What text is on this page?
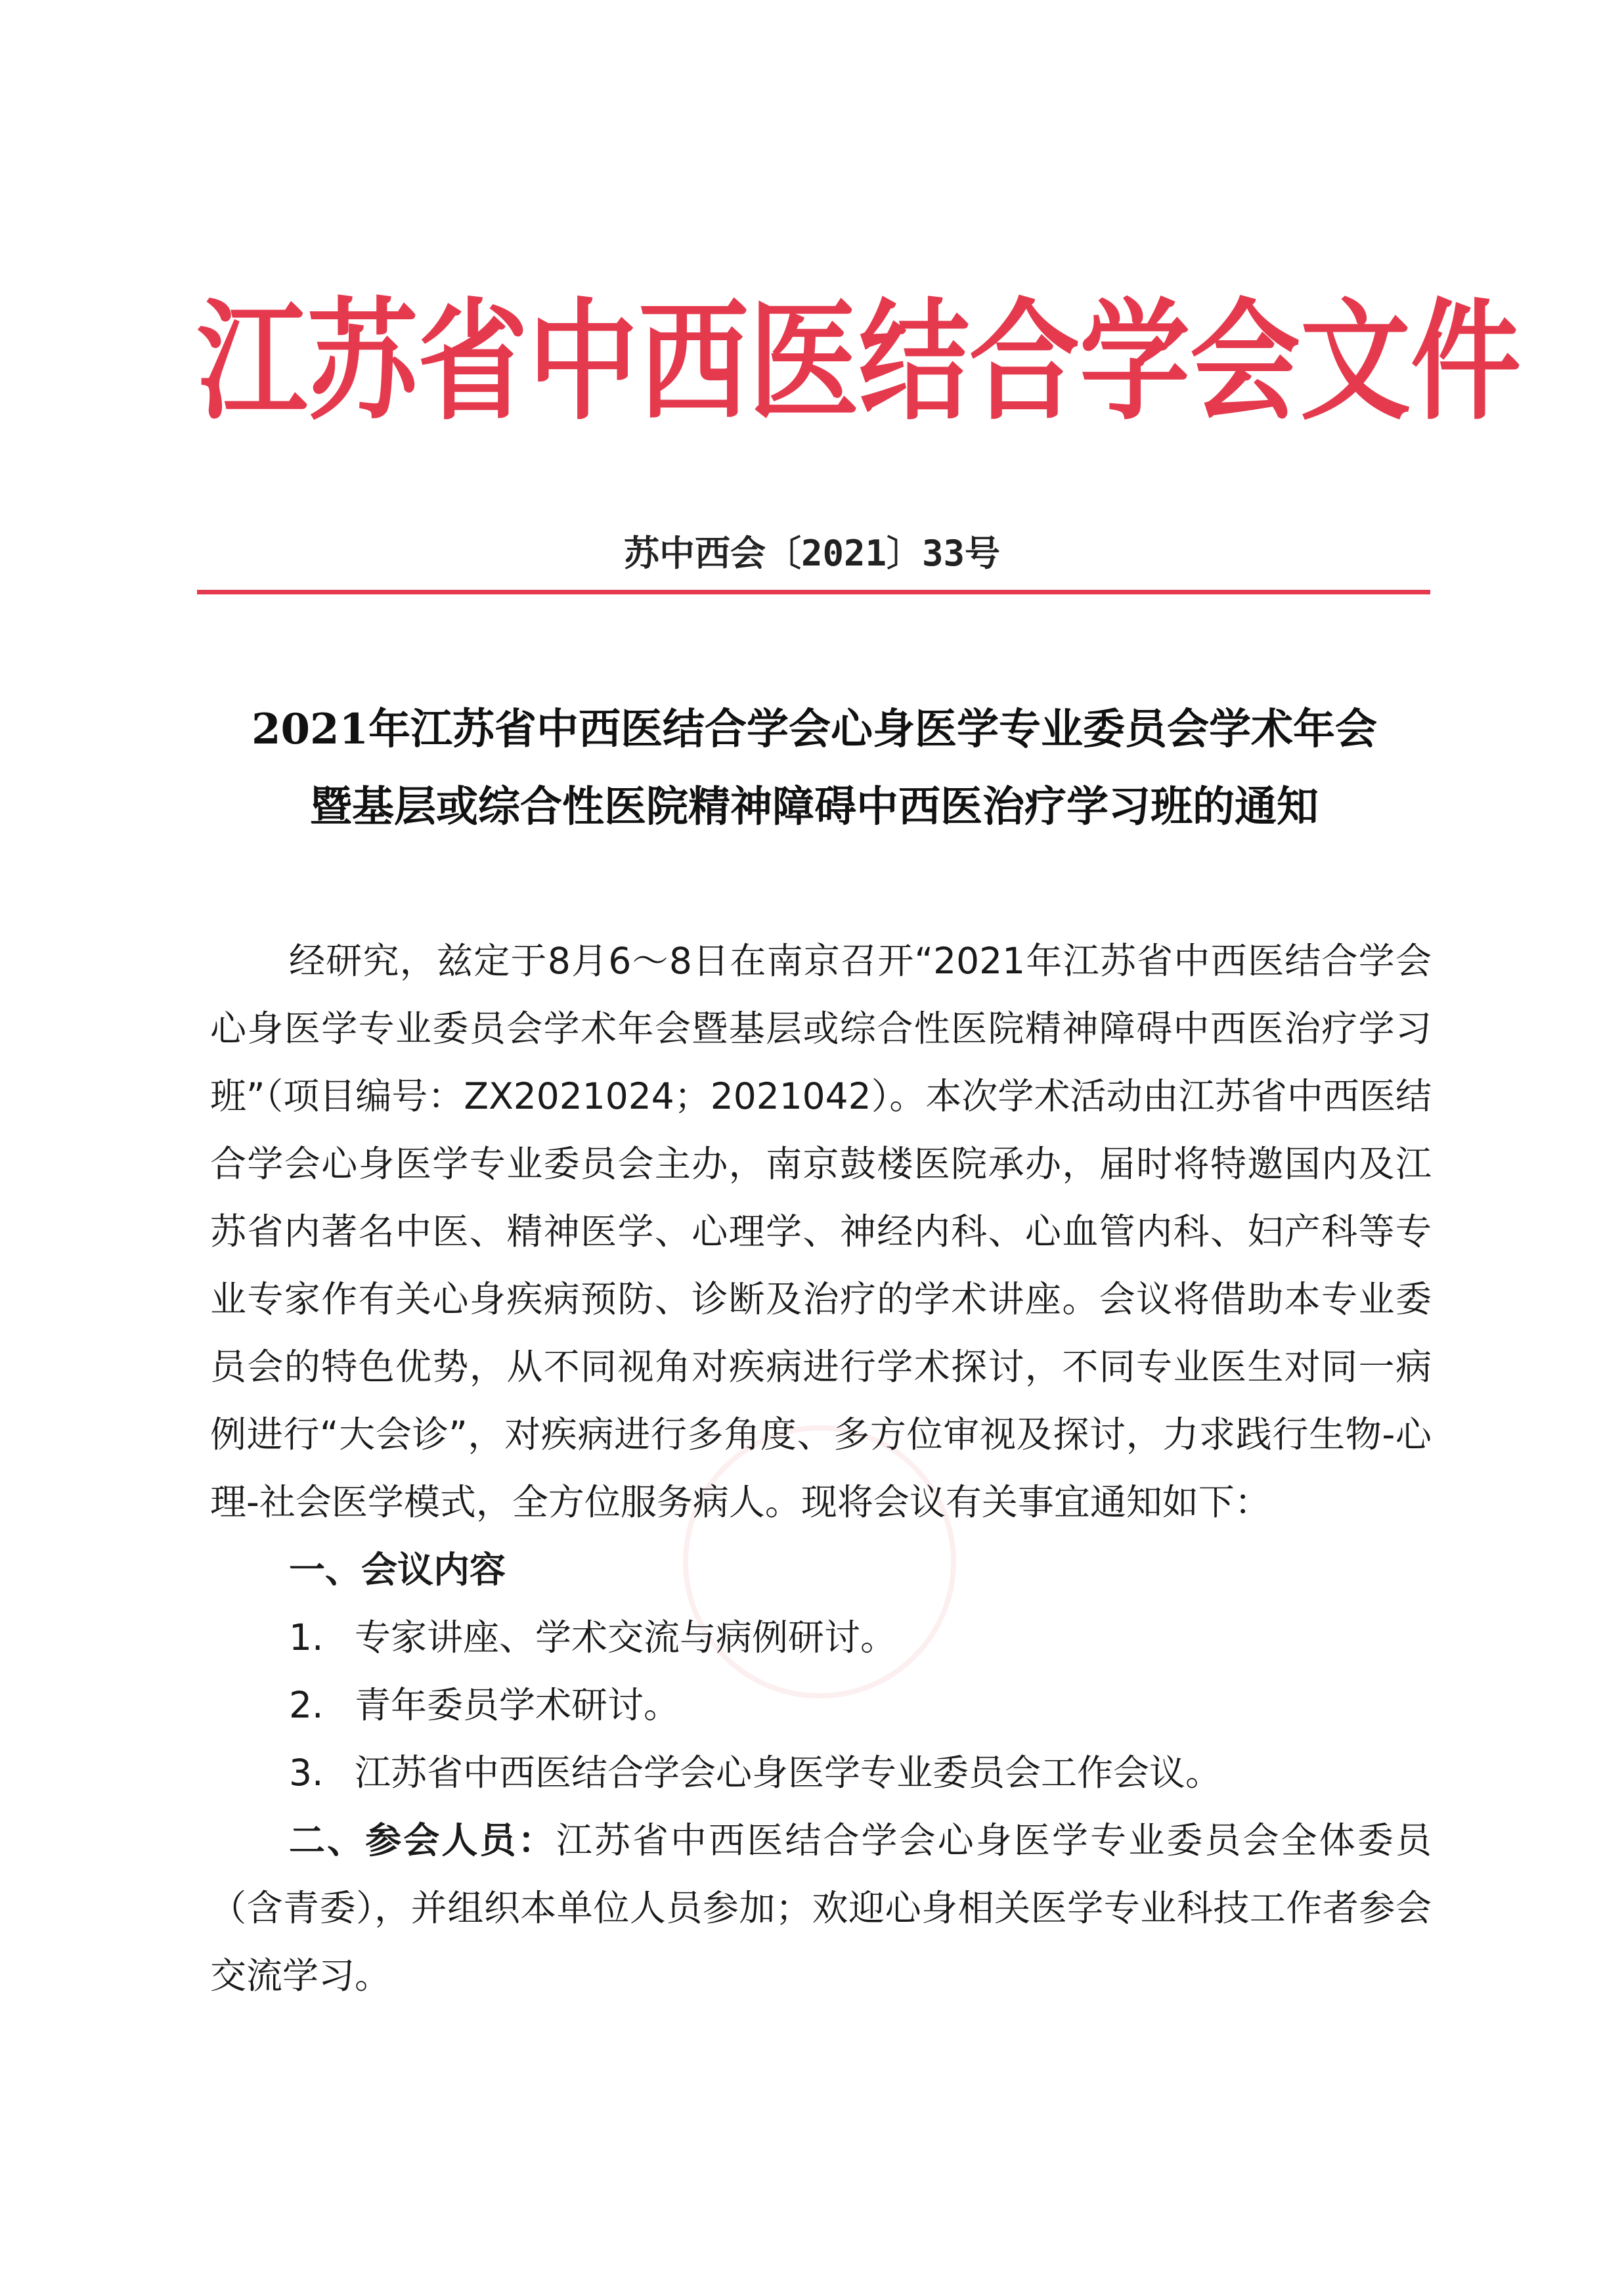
江苏省中西医结合学会文件
苏中西会〔2021〕33号
2021年江苏省中西医结合学会心身医学专业委员会学术年会
暨基层或综合性医院精神障碍中西医治疗学习班的通知

经研究，兹定于8月6～8日在南京召开“2021年江苏省中西医结合学会心身医学专业委员会学术年会暨基层或综合性医院精神障碍中西医治疗学习班”（项目编号：ZX2021024；2021042）。本次学术活动由江苏省中西医结合学会心身医学专业委员会主办，南京鼓楼医院承办，届时将特邀国内及江苏省内著名中医、精神医学、心理学、神经内科、心血管内科、妇产科等专业专家作有关心身疾病预防、诊断及治疗的学术讲座。会议将借助本专业委员会的特色优势，从不同视角对疾病进行学术探讨，不同专业医生对同一病例进行“大会诊”，对疾病进行多角度、多方位审视及探讨，力求践行生物-心理-社会医学模式，全方位服务病人。现将会议有关事宜通知如下：

一、会议内容

1. 专家讲座、学术交流与病例研讨。
2. 青年委员学术研讨。
3. 江苏省中西医结合学会心身医学专业委员会工作会议。

二、参会人员：江苏省中西医结合学会心身医学专业委员会全体委员（含青委），并组织本单位人员参加；欢迎心身相关医学专业科技工作者参会交流学习。
